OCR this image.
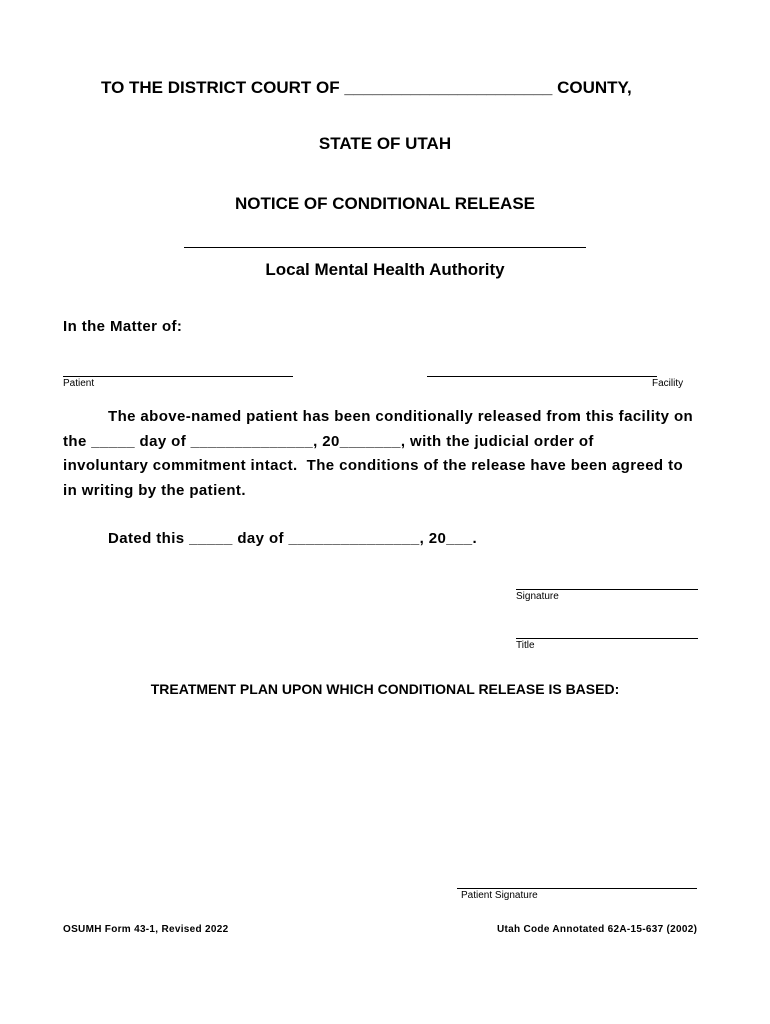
TO THE DISTRICT COURT OF ______________________ COUNTY,
STATE OF UTAH
NOTICE OF CONDITIONAL RELEASE
Local Mental Health Authority
In the Matter of:
Patient	Facility
The above-named patient has been conditionally released from this facility on
the _____ day of ______________, 20_______, with the judicial order of
involuntary commitment intact.  The conditions of the release have been agreed to
in writing by the patient.
Dated this _____ day of _______________, 20___.
Signature
Title
TREATMENT PLAN UPON WHICH CONDITIONAL RELEASE IS BASED:
Patient Signature
OSUMH Form 43-1, Revised 2022	Utah Code Annotated 62A-15-637 (2002)
